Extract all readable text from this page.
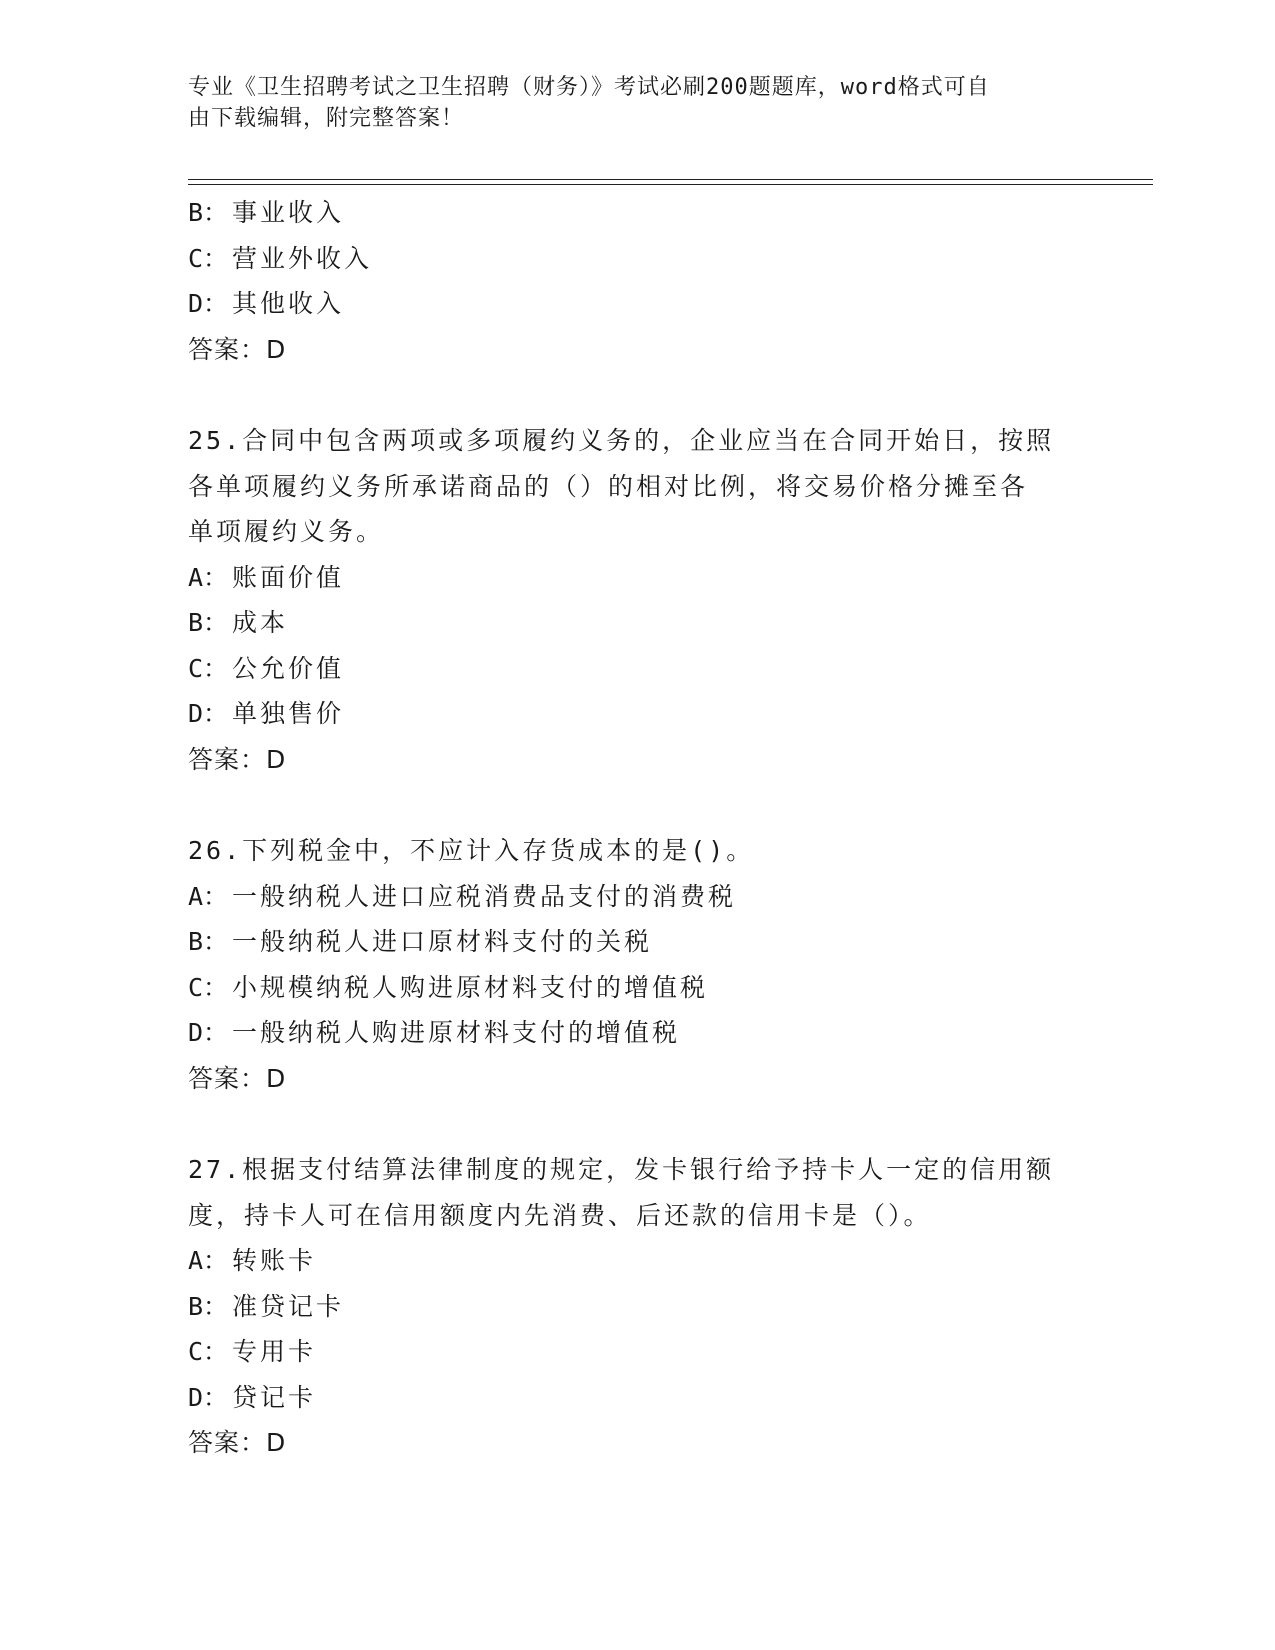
专业《卫生招聘考试之卫生招聘（财务）》考试必刷200题题库，word格式可自
由下载编辑，附完整答案！
B： 事业收入
C： 营业外收入
D： 其他收入
答案：D
25.合同中包含两项或多项履约义务的，企业应当在合同开始日，按照
各单项履约义务所承诺商品的（）的相对比例，将交易价格分摊至各
单项履约义务。
A： 账面价值
B： 成本
C： 公允价值
D： 单独售价
答案：D
26.下列税金中，不应计入存货成本的是()。
A： 一般纳税人进口应税消费品支付的消费税
B： 一般纳税人进口原材料支付的关税
C： 小规模纳税人购进原材料支付的增值税
D： 一般纳税人购进原材料支付的增值税
答案：D
27.根据支付结算法律制度的规定，发卡银行给予持卡人一定的信用额
度，持卡人可在信用额度内先消费、后还款的信用卡是（）。
A： 转账卡
B： 准贷记卡
C： 专用卡
D： 贷记卡
答案：D
